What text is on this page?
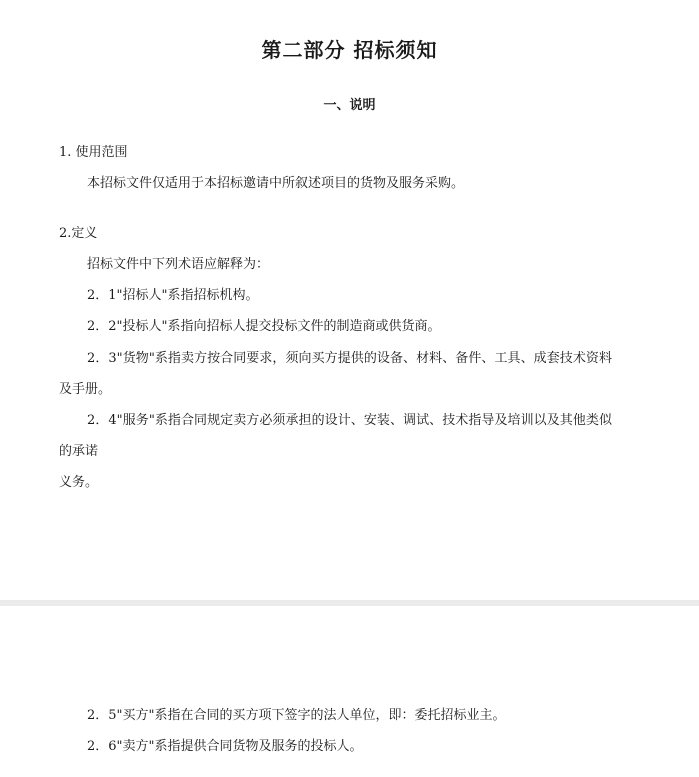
第二部分 招标须知
一、说明
1. 使用范围
本招标文件仅适用于本招标邀请中所叙述项目的货物及服务采购。
2.定义
招标文件中下列术语应解释为：
2．1"招标人"系指招标机构。
2．2"投标人"系指向招标人提交投标文件的制造商或供货商。
2．3"货物"系指卖方按合同要求，须向买方提供的设备、材料、备件、工具、成套技术资料及手册。
2．4"服务"系指合同规定卖方必须承担的设计、安装、调试、技术指导及培训以及其他类似的承诺
义务。
2．5"买方"系指在合同的买方项下签字的法人单位，即：委托招标业主。
2．6"卖方"系指提供合同货物及服务的投标人。
